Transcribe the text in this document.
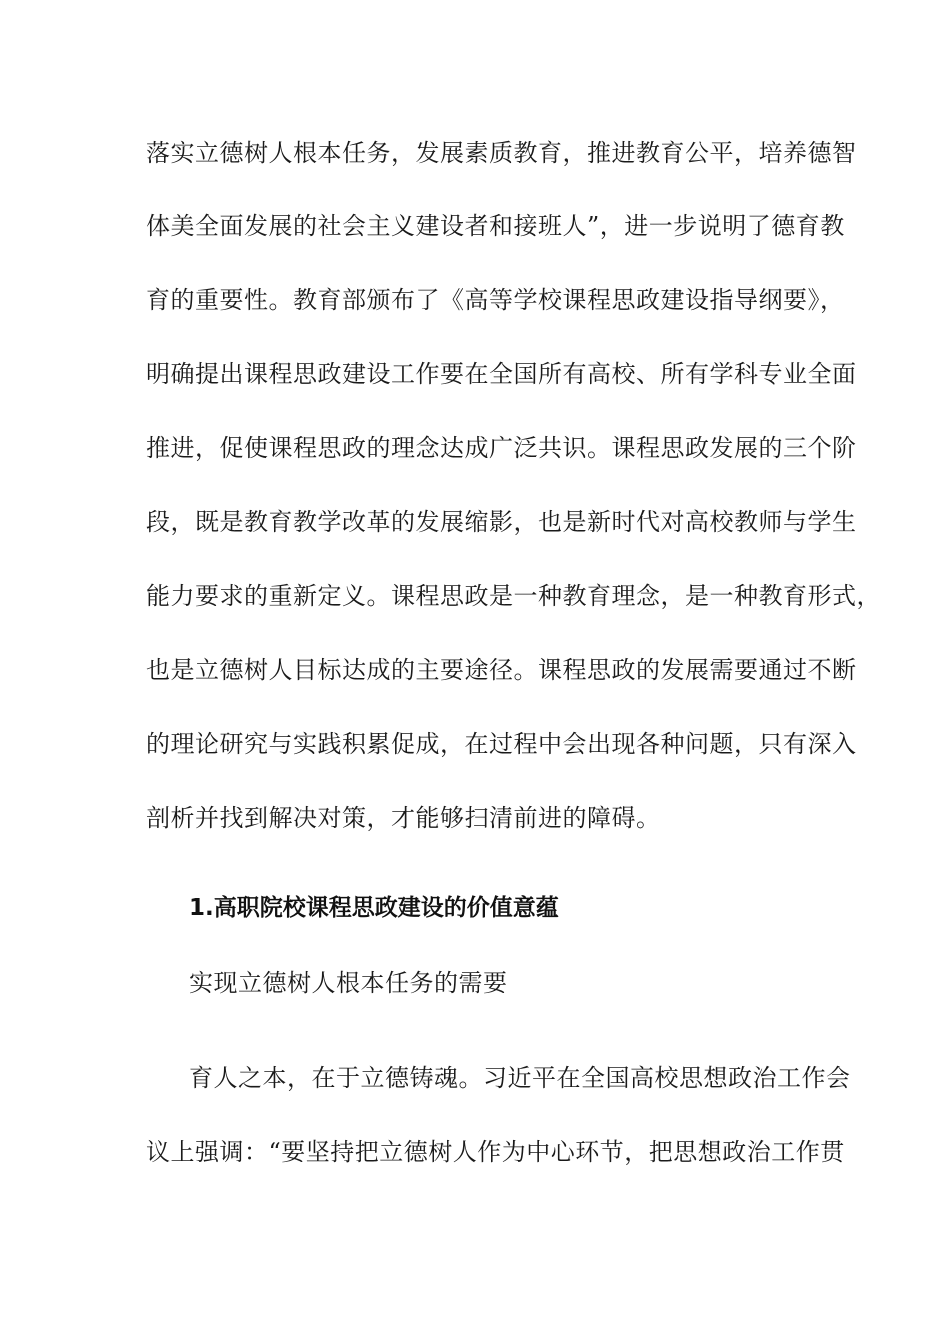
落实立德树人根本任务，发展素质教育，推进教育公平，培养德智
体美全面发展的社会主义建设者和接班人”，进一步说明了德育教
育的重要性。教育部颁布了《高等学校课程思政建设指导纲要》，
明确提出课程思政建设工作要在全国所有高校、所有学科专业全面
推进，促使课程思政的理念达成广泛共识。课程思政发展的三个阶
段，既是教育教学改革的发展缩影，也是新时代对高校教师与学生
能力要求的重新定义。课程思政是一种教育理念，是一种教育形式，
也是立德树人目标达成的主要途径。课程思政的发展需要通过不断
的理论研究与实践积累促成，在过程中会出现各种问题，只有深入
剖析并找到解决对策，才能够扫清前进的障碍。
1.高职院校课程思政建设的价值意蕴
实现立德树人根本任务的需要
育人之本，在于立德铸魂。习近平在全国高校思想政治工作会
议上强调：“要坚持把立德树人作为中心环节，把思想政治工作贯
